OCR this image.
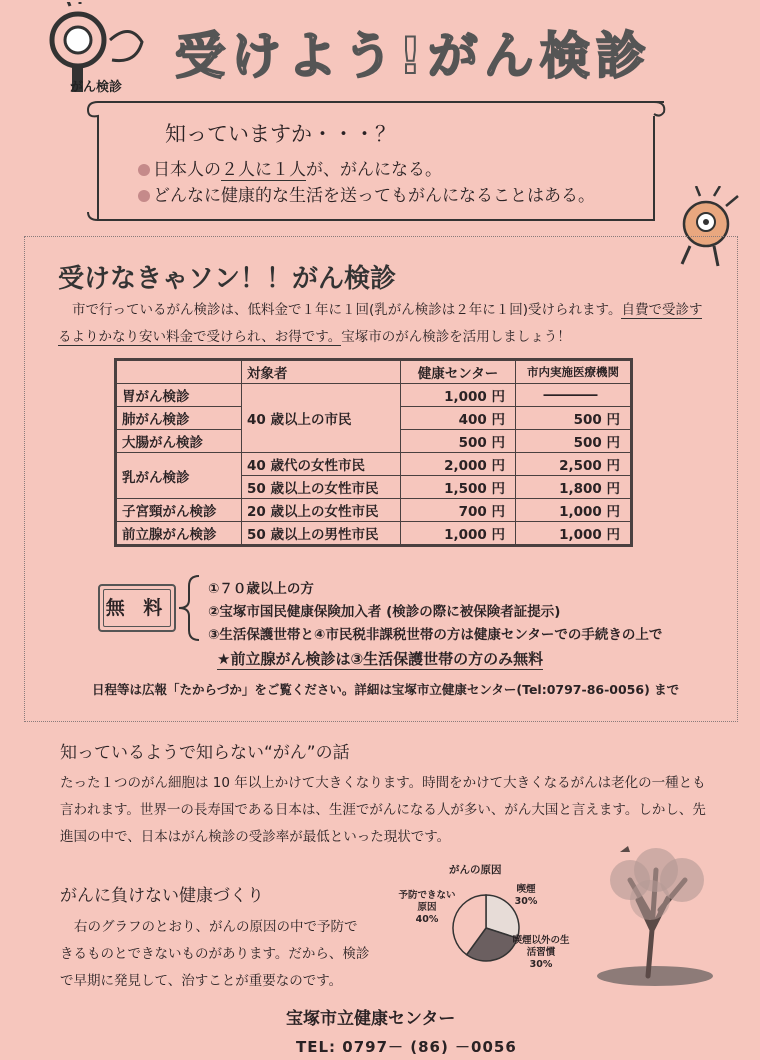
がん検診
受けよう!がん検診
知っていますか・・・？
日本人の２人に１人が、がんになる。
どんなに健康的な生活を送ってもがんになることはある。
受けなきゃソン！！がん検診
市で行っているがん検診は、低料金で１年に１回(乳がん検診は２年に１回)受けられます。自費で受診するよりかなり安い料金で受けられ、お得です。宝塚市のがん検診を活用しましょう！
	対象者	健康センター	市内実施医療機関
胃がん検診	40 歳以上の市民	1,000 円	――――
肺がん検診		400 円	500 円
大腸がん検診		500 円	500 円
乳がん検診	40 歳代の女性市民	2,000 円	2,500 円
	50 歳以上の女性市民	1,500 円	1,800 円
子宮頸がん検診	20 歳以上の女性市民	700 円	1,000 円
前立腺がん検診	50 歳以上の男性市民	1,000 円	1,000 円
無 料
①７０歳以上の方
②宝塚市国民健康保険加入者 (検診の際に被保険者証提示)
③生活保護世帯と④市民税非課税世帯の方は健康センターでの手続きの上で
★前立腺がん検診は③生活保護世帯の方のみ無料
日程等は広報「たからづか」をご覧ください。詳細は宝塚市立健康センター(Tel:0797-86-0056) まで
知っているようで知らない“がん”の話
たった１つのがん細胞は 10 年以上かけて大きくなります。時間をかけて大きくなるがんは老化の一種とも言われます。世界一の長寿国である日本は、生涯でがんになる人が多い、がん大国と言えます。しかし、先進国の中で、日本はがん検診の受診率が最低といった現状です。
がんに負けない健康づくり
右のグラフのとおり、がんの原因の中で予防できるものとできないものがあります。だから、検診で早期に発見して、治すことが重要なのです。
がんの原因
喫煙
30%
喫煙以外の生活習慣
30%
予防できない原因
40%
宝塚市立健康センター
TEL: 0797－ (86) －0056
